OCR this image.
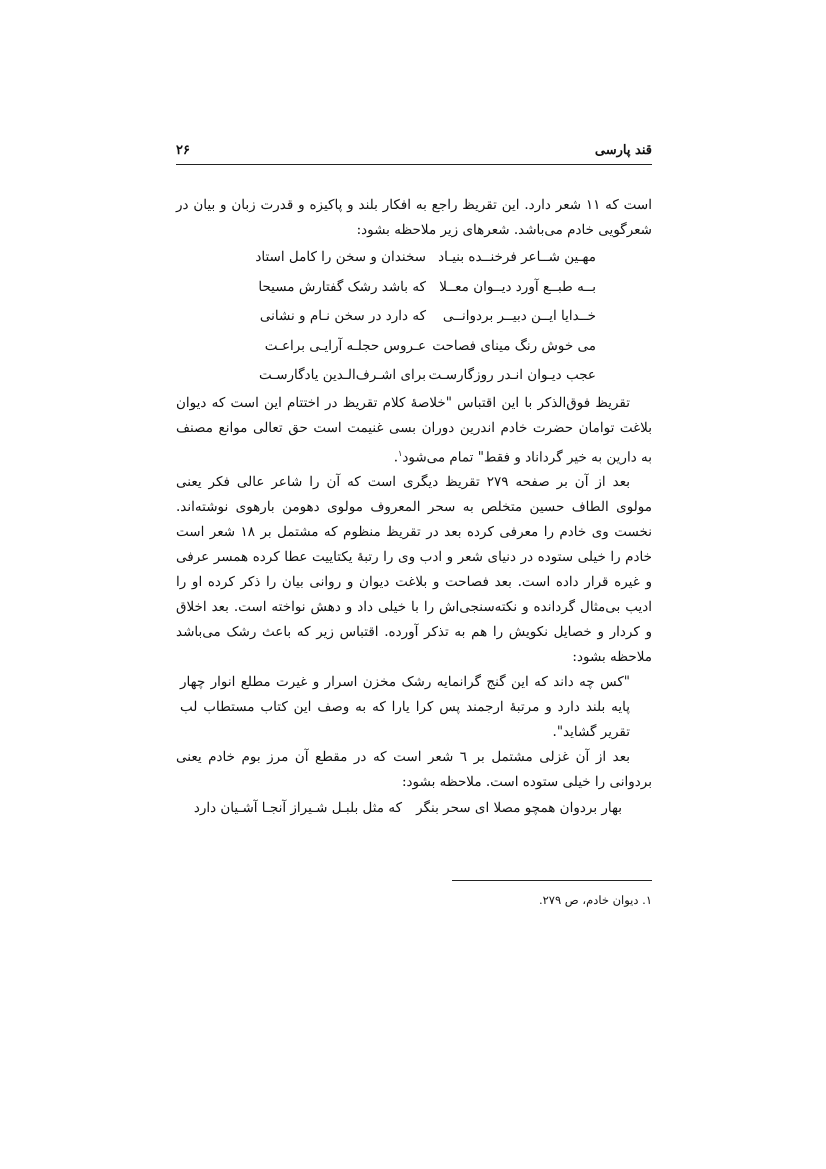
قند پارسی
۲۶

است که ۱۱ شعر دارد. این تقریظ راجع به افکار بلند و پاکیزه و قدرت زبان و بیان در شعرگویی خادم می‌باشد. شعرهای زیر ملاحظه بشود:

مهـین شــاعر فرخنــده بنیـاد
سخندان و سخن را کامل استاد
بــه طبــع آورد دیــوان معــلا
که باشد رشک گفتارش مسیحا
خــدایا ایــن دبیــر بردوانــی
که دارد در سخن نـام و نشانی
می خوش رنگ مینای فصاحت
عـروس حجلـه آرایـی براعـت
عجب دیـوان انـدر روزگارسـت
برای اشـرف‌الـدین یادگارسـت

تقریظ فوق‌الذکر با این اقتباس "خلاصهٔ کلام تقریظ در اختتام این است که دیوان بلاغت توامان حضرت خادم اندرین دوران بسی غنیمت است حق تعالی موانع مصنف به دارین به خیر گرداناد و فقط" تمام می‌شود$^۱$.

بعد از آن بر صفحه ۲۷۹ تقریظ دیگری است که آن را شاعر عالی فکر یعنی مولوی الطاف حسین متخلص به سحر المعروف مولوی دهومن بارهوی نوشته‌اند. نخست وی خادم را معرفی کرده بعد در تقریظ منظوم که مشتمل بر ۱۸ شعر است خادم را خیلی ستوده در دنیای شعر و ادب وی را رتبهٔ یکتاییت عطا کرده همسر عرفی و غیره قرار داده است. بعد فصاحت و بلاغت دیوان و روانی بیان را ذکر کرده او را ادیب بی‌مثال گردانده و نکته‌سنجی‌اش را با خیلی داد و دهش نواخته است. بعد اخلاق و کردار و خصایل نکویش را هم به تذکر آورده. اقتباس زیر که باعث رشک می‌باشد ملاحظه بشود:

"کس چه داند که این گنج گرانمایه رشک مخزن اسرار و غیرت مطلع انوار چهار پایه بلند دارد و مرتبهٔ ارجمند پس کرا یارا که به وصف این کتاب مستطاب لب تقریر گشاید".

بعد از آن غزلی مشتمل بر ٦ شعر است که در مقطع آن مرز بوم خادم یعنی بردوانی را خیلی ستوده است. ملاحظه بشود:

بهار بردوان همچو مصلا ای سحر بنگر
که مثل بلبـل شـیراز آنجـا آشـیان دارد
۱. دیوان خادم، ص ۲۷۹.
